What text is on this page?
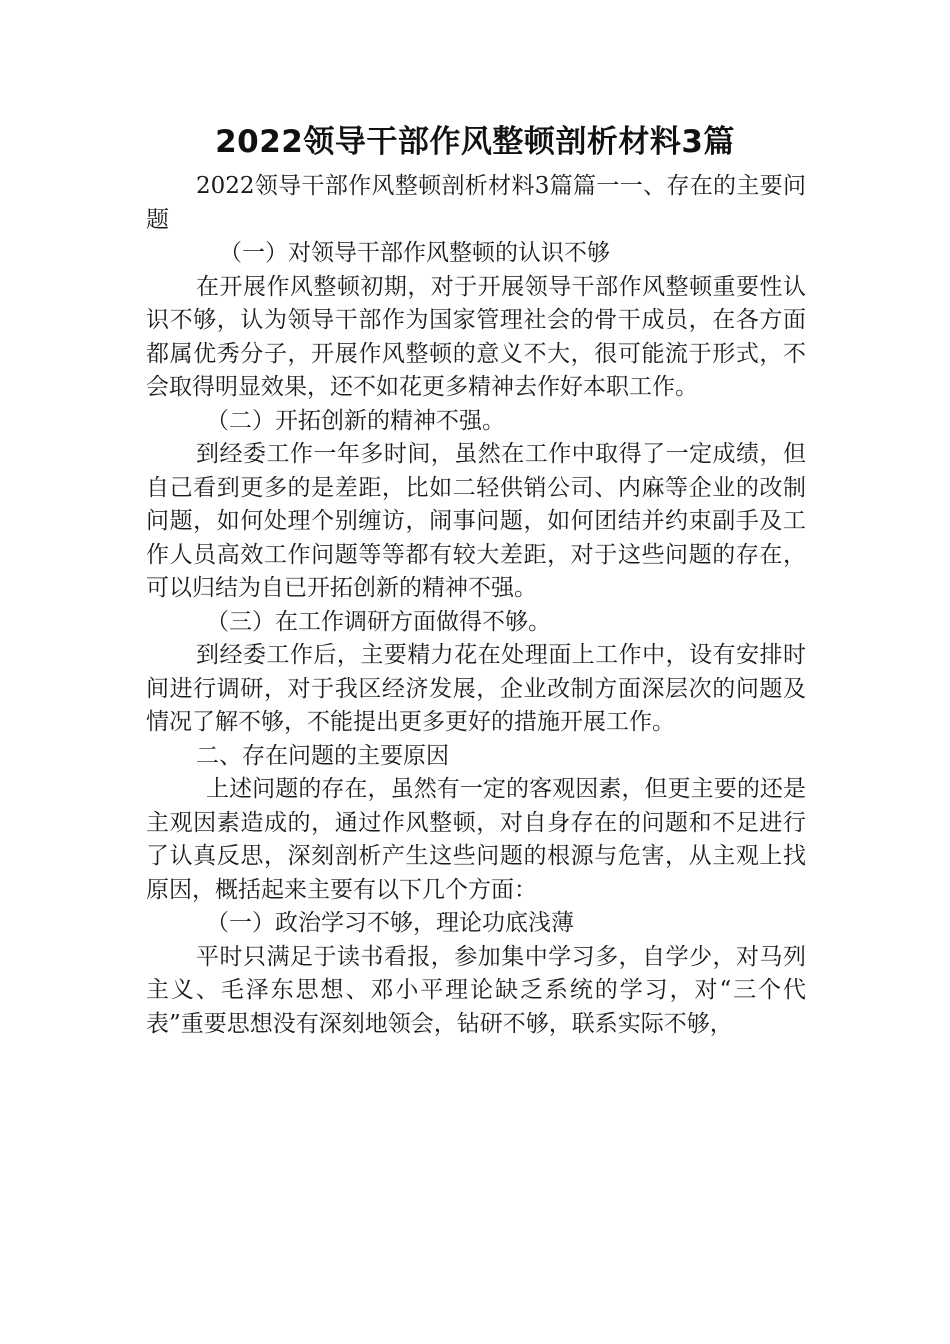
2022领导干部作风整顿剖析材料3篇

2022领导干部作风整顿剖析材料3篇篇一一、存在的主要问题

（一）对领导干部作风整顿的认识不够

在开展作风整顿初期，对于开展领导干部作风整顿重要性认识不够，认为领导干部作为国家管理社会的骨干成员，在各方面都属优秀分子，开展作风整顿的意义不大，很可能流于形式，不会取得明显效果，还不如花更多精神去作好本职工作。

（二）开拓创新的精神不强。

到经委工作一年多时间，虽然在工作中取得了一定成绩，但自己看到更多的是差距，比如二轻供销公司、内麻等企业的改制问题，如何处理个别缠访，闹事问题，如何团结并约束副手及工作人员高效工作问题等等都有较大差距，对于这些问题的存在，可以归结为自已开拓创新的精神不强。

（三）在工作调研方面做得不够。

到经委工作后，主要精力花在处理面上工作中，设有安排时间进行调研，对于我区经济发展，企业改制方面深层次的问题及情况了解不够，不能提出更多更好的措施开展工作。

二、存在问题的主要原因

上述问题的存在，虽然有一定的客观因素，但更主要的还是主观因素造成的，通过作风整顿，对自身存在的问题和不足进行了认真反思，深刻剖析产生这些问题的根源与危害，从主观上找原因，概括起来主要有以下几个方面：

（一）政治学习不够，理论功底浅薄

平时只满足于读书看报，参加集中学习多，自学少，对马列主义、毛泽东思想、邓小平理论缺乏系统的学习，对“三个代表”重要思想没有深刻地领会，钻研不够，联系实际不够，
